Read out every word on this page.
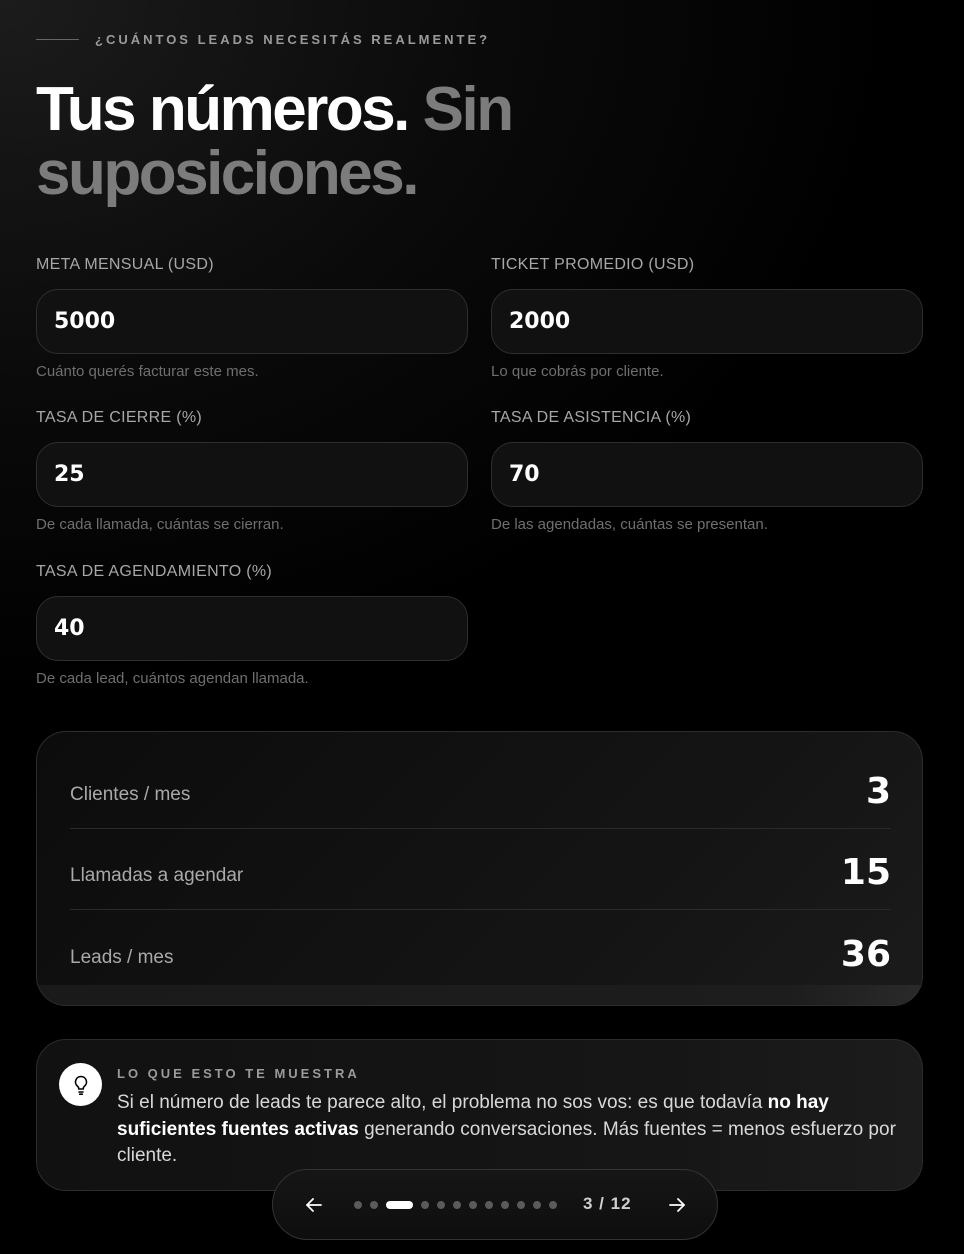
¿CUÁNTOS LEADS NECESITÁS REALMENTE?
Tus números. Sin suposiciones.
META MENSUAL (USD)
5000
Cuánto querés facturar este mes.
TICKET PROMEDIO (USD)
2000
Lo que cobrás por cliente.
TASA DE CIERRE (%)
25
De cada llamada, cuántas se cierran.
TASA DE ASISTENCIA (%)
70
De las agendadas, cuántas se presentan.
TASA DE AGENDAMIENTO (%)
40
De cada lead, cuántos agendan llamada.
Clientes / mes	3
Llamadas a agendar	15
Leads / mes	36
LO QUE ESTO TE MUESTRA
Si el número de leads te parece alto, el problema no sos vos: es que todavía no hay suficientes fuentes activas generando conversaciones. Más fuentes = menos esfuerzo por cliente.
3 / 12
